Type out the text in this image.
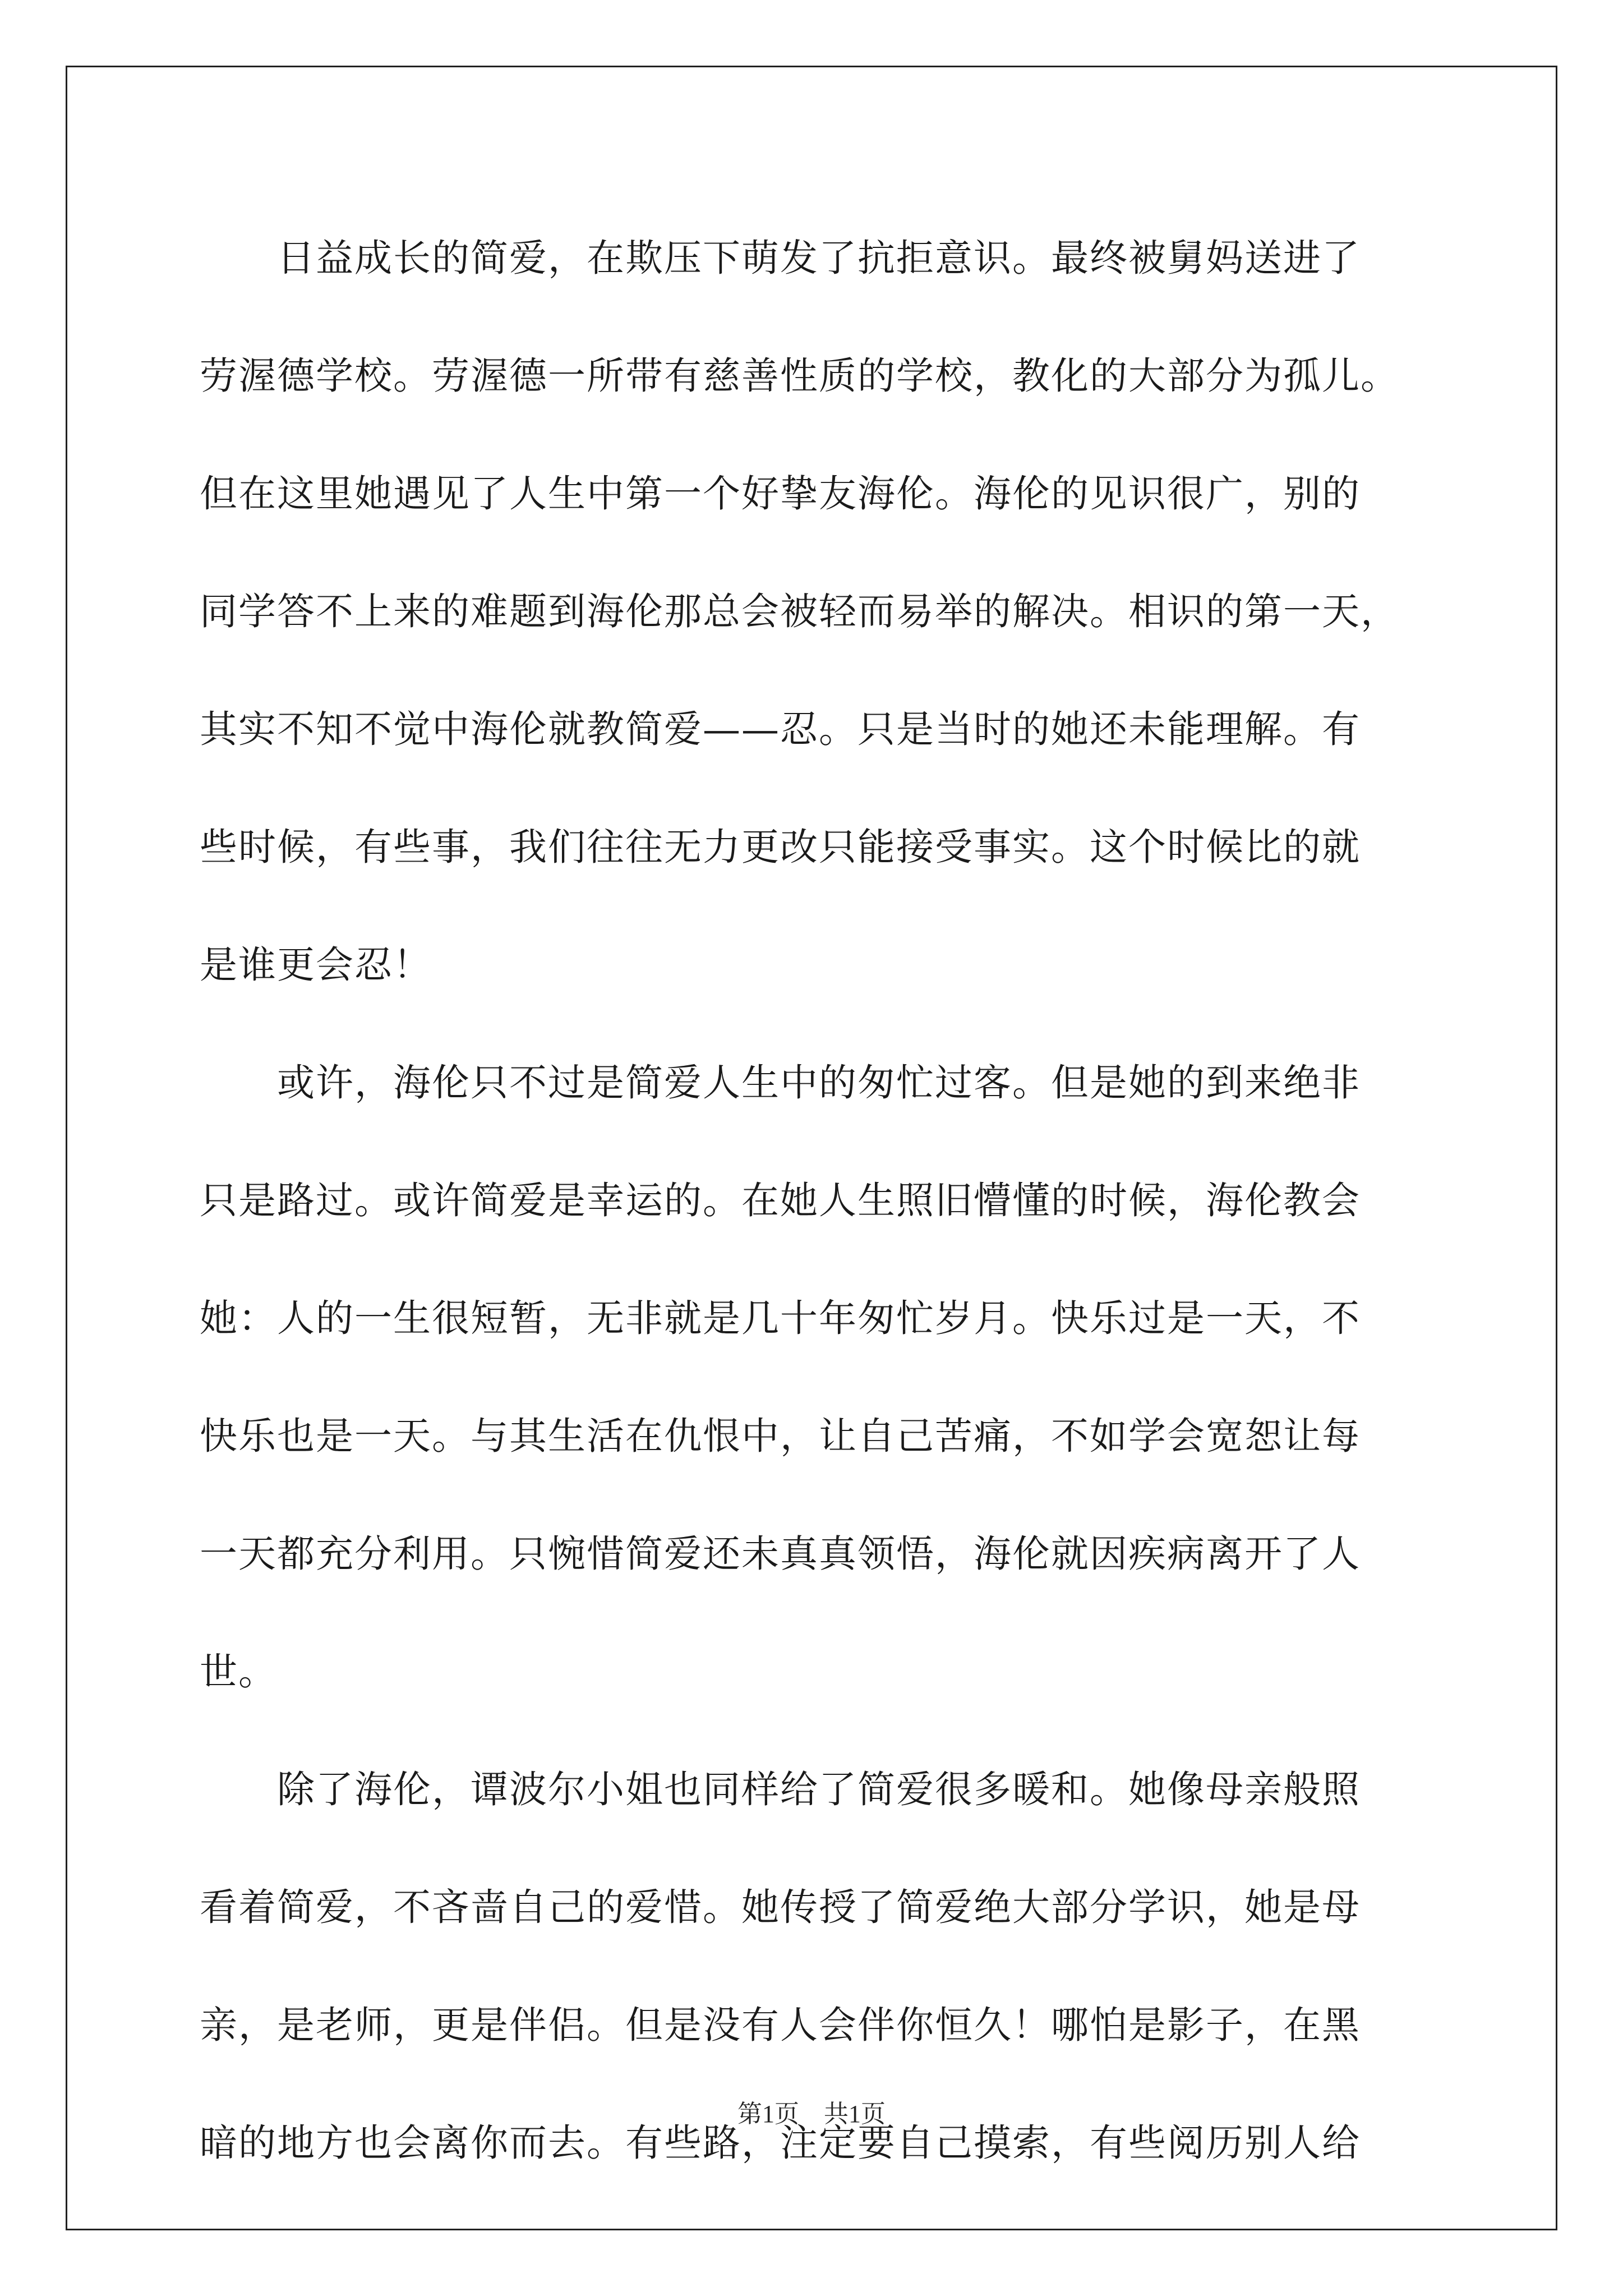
　　日益成长的简爱，在欺压下萌发了抗拒意识。最终被舅妈送进了
劳渥德学校。劳渥德一所带有慈善性质的学校，教化的大部分为孤儿。
但在这里她遇见了人生中第一个好挚友海伦。海伦的见识很广，别的
同学答不上来的难题到海伦那总会被轻而易举的解决。相识的第一天，
其实不知不觉中海伦就教简爱——忍。只是当时的她还未能理解。有
些时候，有些事，我们往往无力更改只能接受事实。这个时候比的就
是谁更会忍！
　　或许，海伦只不过是简爱人生中的匆忙过客。但是她的到来绝非
只是路过。或许简爱是幸运的。在她人生照旧懵懂的时候，海伦教会
她：人的一生很短暂，无非就是几十年匆忙岁月。快乐过是一天，不
快乐也是一天。与其生活在仇恨中，让自己苦痛，不如学会宽恕让每
一天都充分利用。只惋惜简爱还未真真领悟，海伦就因疾病离开了人
世。
　　除了海伦，谭波尔小姐也同样给了简爱很多暖和。她像母亲般照
看着简爱，不吝啬自己的爱惜。她传授了简爱绝大部分学识，她是母
亲，是老师，更是伴侣。但是没有人会伴你恒久！哪怕是影子，在黑
暗的地方也会离你而去。有些路，注定要自己摸索，有些阅历别人给
第1页　共1页
